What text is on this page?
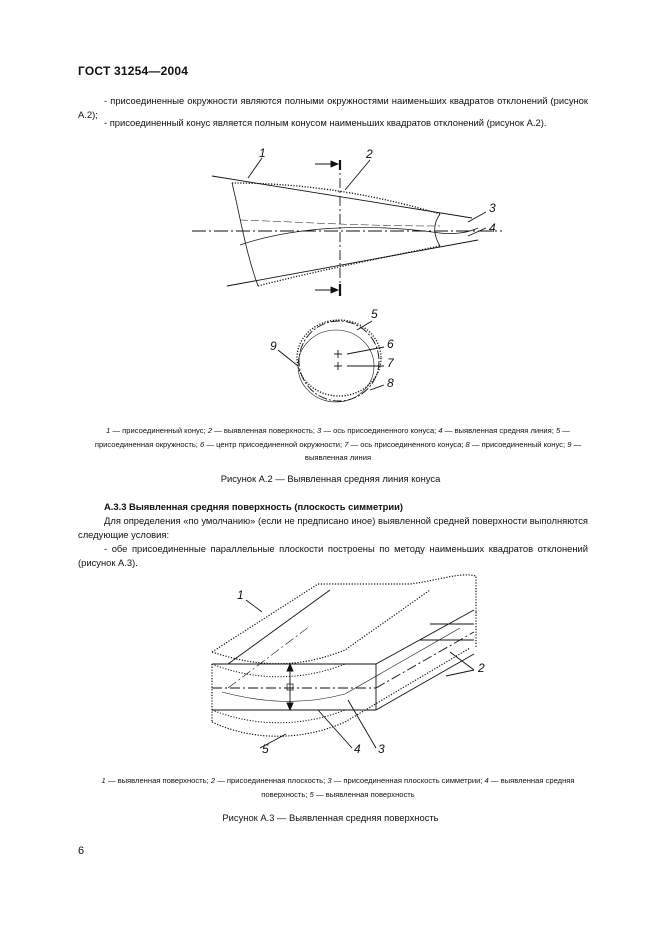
ГОСТ 31254—2004
- присоединенные окружности являются полными окружностями наименьших квадратов отклонений (рисунок А.2);
- присоединенный конус является полным конусом наименьших квадратов отклонений (рисунок А.2).
1	2
3
4
5
6
7
8
9
1
2
5	4 3
1 — присоединенный конус; 2 — выявленная поверхность; 3 — ось присоединенного конуса; 4 — выявленная средняя линия; 5 — присоединенная окружность; 6 — центр присоединенной окружности; 7 — ось присоединенного конуса; 8 — присоединенный конус; 9 — выявленная линия
Рисунок А.2 — Выявленная средняя линия конуса
А.3.3 Выявленная средняя поверхность (плоскость симметрии)
Для определения «по умолчанию» (если не предписано иное) выявленной средней поверхности выполняются следующие условия:
- обе присоединенные параллельные плоскости построены по методу наименьших квадратов отклонений (рисунок А.3).
1 — выявленная поверхность; 2 — присоединенная плоскость; 3 — присоединенная плоскость симметрии; 4 — выявленная средняя поверхность; 5 — выявленная поверхность
Рисунок А.3 — Выявленная средняя поверхность
6
